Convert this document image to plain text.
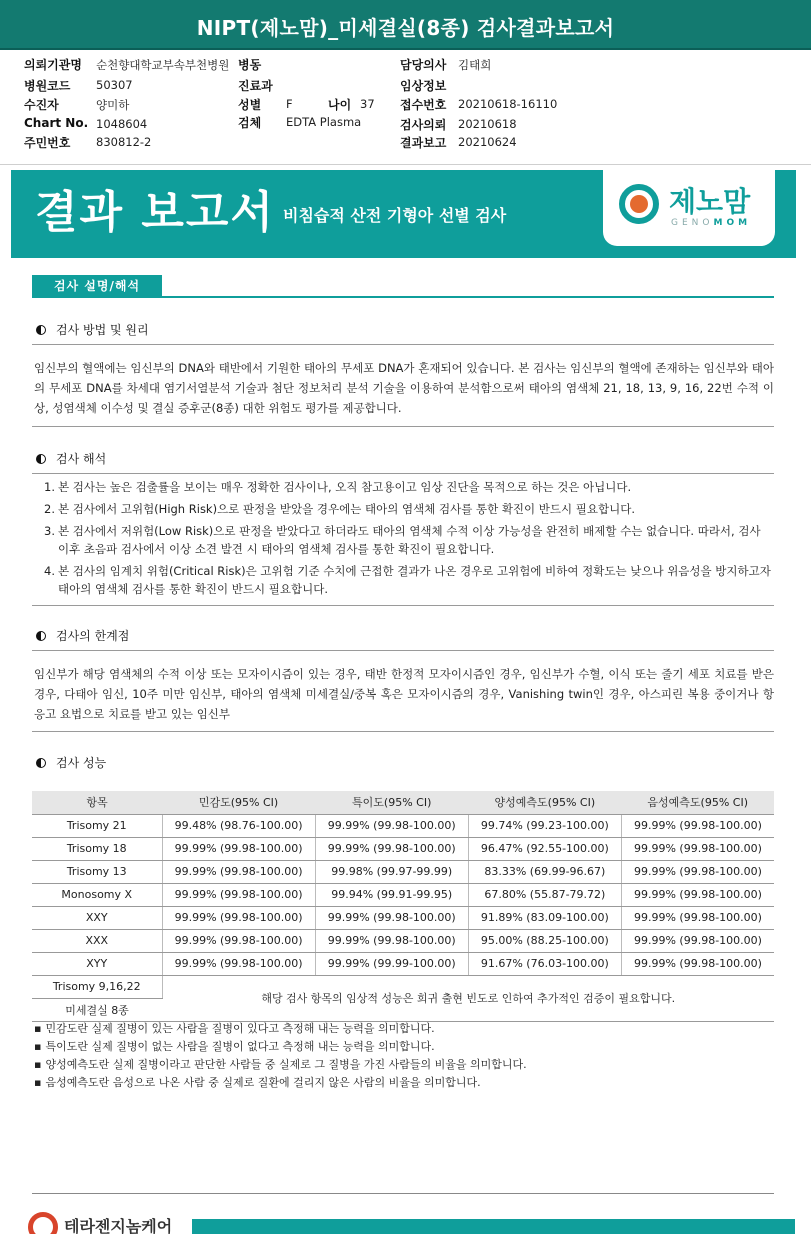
NIPT(제노맘)_미세결실(8종) 검사결과보고서
의뢰기관명 순천향대학교부속부천병원 병동	담당의사 김태희
병원코드 50307	진료과	임상정보
수진자	양미하	성별 F	나이 37 접수번호 20210618-16110
Chart No. 1048604	검체 EDTA Plasma	검사의뢰 20210618
주민번호 830812-2	결과보고 20210624
결과 보고서 비침습적 산전 기형아 선별 검사	제노맘
GENOMOM
검사 설명/해석
검사 방법 및 원리
임신부의 혈액에는 임신부의 DNA와 태반에서 기원한 태아의 무세포 DNA가 혼재되어 있습니다. 본 검사는 임신부의 혈액에 존재하는 임신부와 태아의 무세포 DNA를 차세대 염기서열분석 기술과 첨단 정보처리 분석 기술을 이용하여 분석함으로써 태아의 염색체 21, 18, 13, 9, 16, 22번 수적 이상, 성염색체 이수성 및 결실 증후군(8종) 대한 위험도 평가를 제공합니다.
검사 해석
1. 본 검사는 높은 검출률을 보이는 매우 정확한 검사이나, 오직 참고용이고 임상 진단을 목적으로 하는 것은 아닙니다.
2. 본 검사에서 고위험(High Risk)으로 판정을 받았을 경우에는 태아의 염색체 검사를 통한 확진이 반드시 필요합니다.
3. 본 검사에서 저위험(Low Risk)으로 판정을 받았다고 하더라도 태아의 염색체 수적 이상 가능성을 완전히 배제할 수는 없습니다. 따라서, 검사 이후 초음파 검사에서 이상 소견 발견 시 태아의 염색체 검사를 통한 확진이 필요합니다.
4. 본 검사의 임계치 위험(Critical Risk)은 고위험 기준 수치에 근접한 결과가 나온 경우로 고위험에 비하여 정확도는 낮으나 위음성을 방지하고자 태아의 염색체 검사를 통한 확진이 반드시 필요합니다.
검사의 한계점
임신부가 해당 염색체의 수적 이상 또는 모자이시즘이 있는 경우, 태반 한정적 모자이시즘인 경우, 임신부가 수혈, 이식 또는 줄기 세포 치료를 받은 경우, 다태아 임신, 10주 미만 임신부, 태아의 염색체 미세결실/중복 혹은 모자이시즘의 경우, Vanishing twin인 경우, 아스피린 복용 중이거나 항 응고 요법으로 치료를 받고 있는 임신부
검사 성능
항목	민감도(95% CI)	특이도(95% CI)	양성예측도(95% CI)	음성예측도(95% CI)
Trisomy 21	99.48% (98.76-100.00)	99.99% (99.98-100.00)	99.74% (99.23-100.00)	99.99% (99.98-100.00)
Trisomy 18	99.99% (99.98-100.00)	99.99% (99.98-100.00)	96.47% (92.55-100.00)	99.99% (99.98-100.00)
Trisomy 13	99.99% (99.98-100.00)	99.98% (99.97-99.99)	83.33% (69.99-96.67)	99.99% (99.98-100.00)
Monosomy X	99.99% (99.98-100.00)	99.94% (99.91-99.95)	67.80% (55.87-79.72)	99.99% (99.98-100.00)
XXY	99.99% (99.98-100.00)	99.99% (99.98-100.00)	91.89% (83.09-100.00)	99.99% (99.98-100.00)
XXX	99.99% (99.98-100.00)	99.99% (99.98-100.00)	95.00% (88.25-100.00)	99.99% (99.98-100.00)
XYY	99.99% (99.98-100.00)	99.99% (99.99-100.00)	91.67% (76.03-100.00)	99.99% (99.98-100.00)
Trisomy 9,16,22	해당 검사 항목의 임상적 성능은 희귀 출현 빈도로 인하여 추가적인 검증이 필요합니다.			
미세결실 8종				
▪ 민감도란 실제 질병이 있는 사람을 질병이 있다고 측정해 내는 능력을 의미합니다.
▪ 특이도란 실제 질병이 없는 사람을 질병이 없다고 측정해 내는 능력을 의미합니다.
▪ 양성예측도란 실제 질병이라고 판단한 사람들 중 실제로 그 질병을 가진 사람들의 비율을 의미합니다.
▪ 음성예측도란 음성으로 나온 사람 중 실제로 질환에 걸리지 않은 사람의 비율을 의미합니다.
테라젠지놈케어
